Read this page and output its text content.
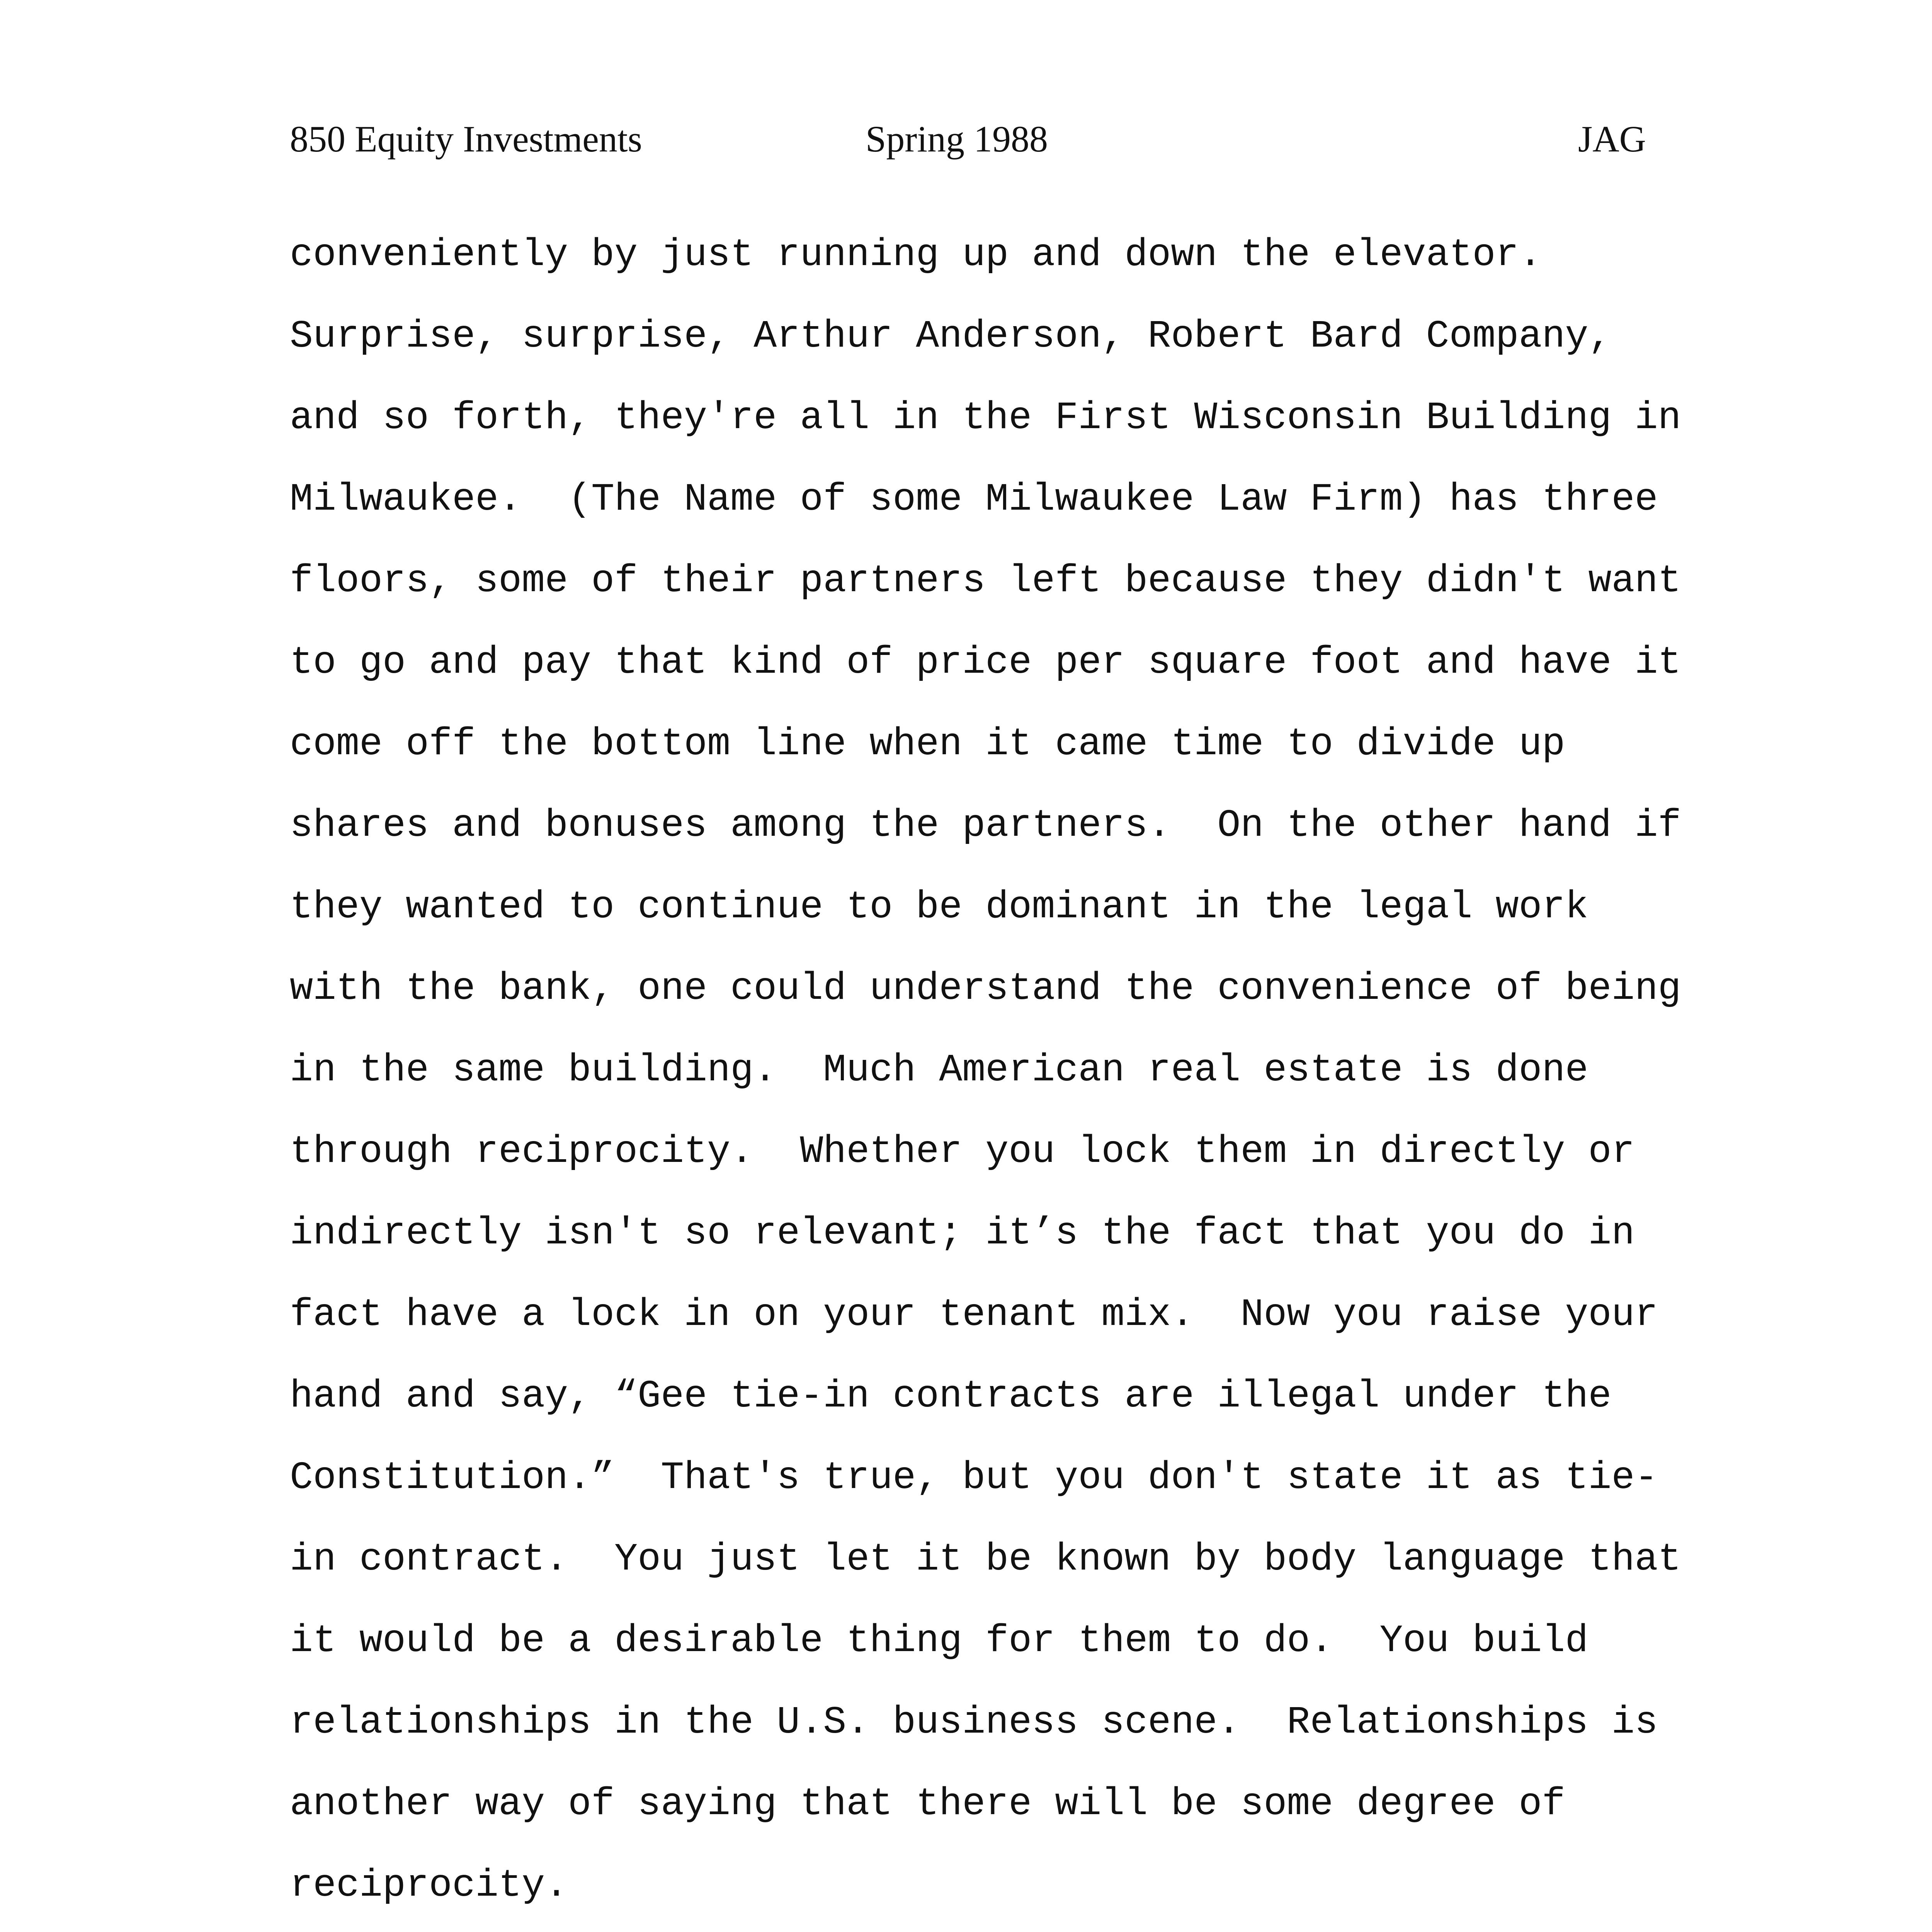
850 Equity Investments	Spring 1988	JAG
conveniently by just running up and down the elevator.
Surprise, surprise, Arthur Anderson, Robert Bard Company,
and so forth, they're all in the First Wisconsin Building in
Milwaukee.  (The Name of some Milwaukee Law Firm) has three
floors, some of their partners left because they didn't want
to go and pay that kind of price per square foot and have it
come off the bottom line when it came time to divide up
shares and bonuses among the partners.  On the other hand if
they wanted to continue to be dominant in the legal work
with the bank, one could understand the convenience of being
in the same building.  Much American real estate is done
through reciprocity.  Whether you lock them in directly or
indirectly isn't so relevant; it’s the fact that you do in
fact have a lock in on your tenant mix.  Now you raise your
hand and say, “Gee tie-in contracts are illegal under the
Constitution.”  That's true, but you don't state it as tie-
in contract.  You just let it be known by body language that
it would be a desirable thing for them to do.  You build
relationships in the U.S. business scene.  Relationships is
another way of saying that there will be some degree of
reciprocity.
